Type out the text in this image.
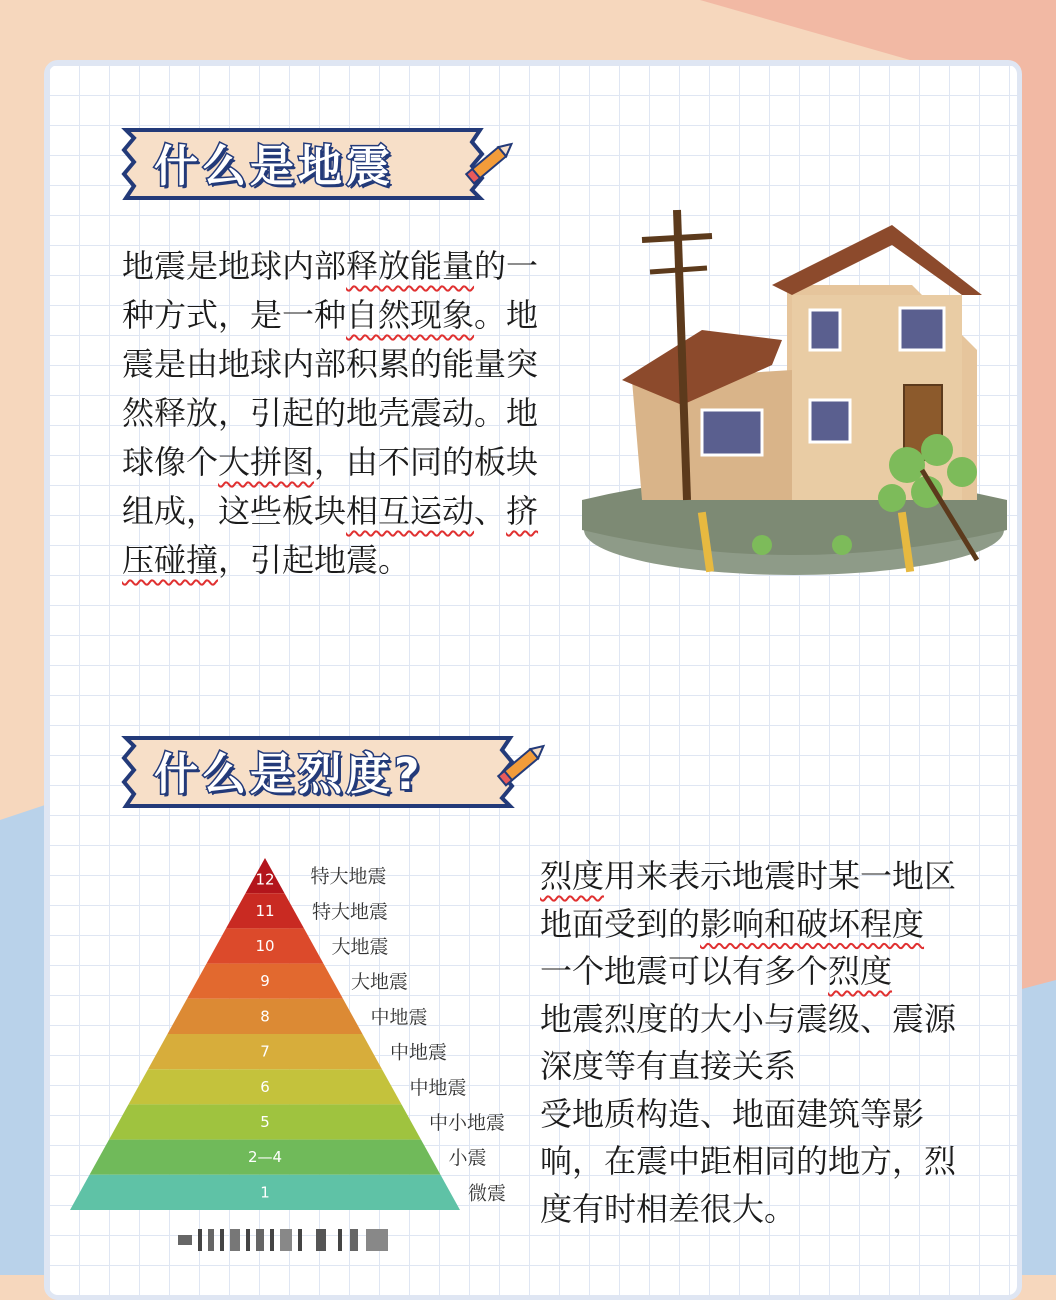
什么是地震

地震是地球内部释放能量的一

种方式，是一种自然现象。地

震是由地球内部积累的能量突

然释放，引起的地壳震动。地

球像个大拼图，由不同的板块

组成，这些板块相互运动、挤

压碰撞，引起地震。

什么是烈度?
12 特大地震
11 特大地震
10	大地震
9	大地震
8	中地震
7	中地震
6	中地震
5	中小地震
2—4	小震
1	微震

烈度用来表示地震时某一地区

地面受到的影响和破坏程度

一个地震可以有多个烈度

地震烈度的大小与震级、震源

深度等有直接关系

受地质构造、地面建筑等影

响，在震中距相同的地方，烈

度有时相差很大。
